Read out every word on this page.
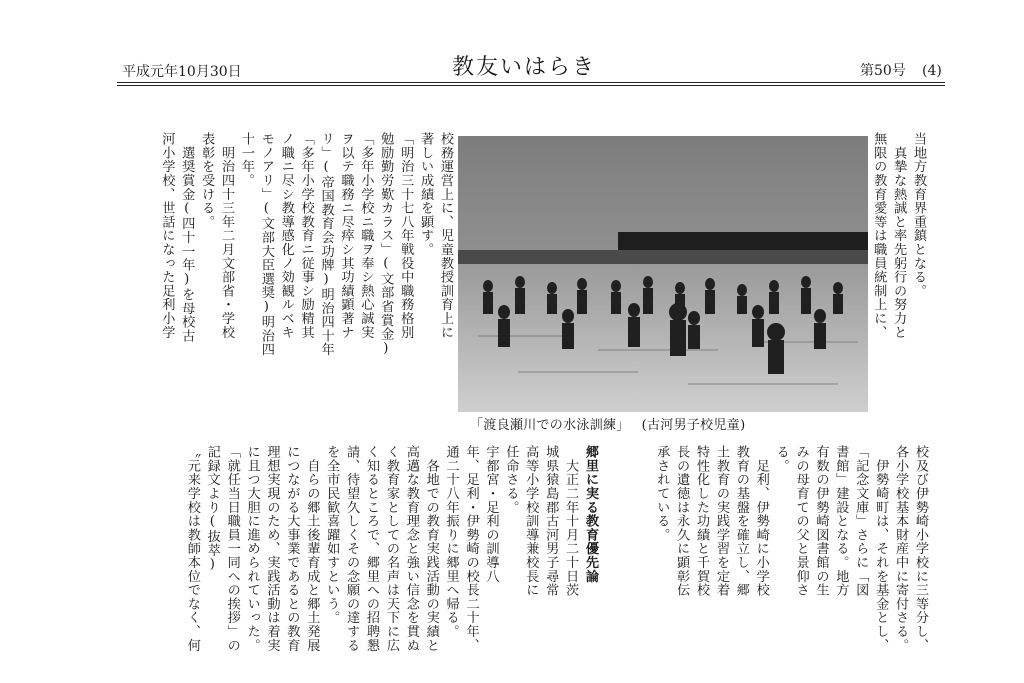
平成元年10月30日	教友いはらき	第50号 (4)
当地方教育界重鎮となる。
　真摯な熱誠と率先躬行の努力と
無限の教育愛等は職員統制上に、
校務運営上に、児童教授訓育上に
著しい成績を顕す。
「明治三十七八年戦役中職務格別
勉励勤労歎カラス」(文部省賞金)
「多年小学校ニ職ヲ奉シ熱心誠実
ヲ以テ職務ニ尽瘁シ其功績顕著ナ
リ」(帝国教育会功牌)明治四十年
「多年小学校教育ニ従事シ励精其
ノ職ニ尽シ教導感化ノ効観ルベキ
モノアリ」(文部大臣選奨)明治四
十一年。
　明治四十三年二月文部省・学校
表彰を受ける。
　選奨賞金(四十一年)を母校古
河小学校、世話になった足利小学
「渡良瀬川での水泳訓練」 (古河男子校児童)
校及び伊勢崎小学校に三等分し、
各小学校基本財産中に寄付さる。
　伊勢崎町は、それを基金とし、
「記念文庫」さらに「図
書館」建設となる。地方
有数の伊勢崎図書館の生
みの母育ての父と景仰さ
る。
　足利、伊勢崎に小学校
教育の基盤を確立し、郷
土教育の実践学習を定着
特性化した功績と千賀校
長の遺徳は永久に顕彰伝
承されている。
郷里に実る教育優先論
　大正二年十月二十日茨
城県猿島郡古河男子尋常
高等小学校訓導兼校長に
任命さる。
宇都宮・足利の訓導八
年、足利・伊勢崎の校長二十年、
通二十八年振りに郷里へ帰る。
　各地での教育実践活動の実績と
高邁な教育理念と強い信念を貫ぬ
く教育家としての名声は天下に広
く知るところで、郷里への招聘懇
請、待望久しくその念願の達する
を全市民歓喜躍如すという。
　自らの郷土後輩育成と郷土発展
につながる大事業であるとの教育
理想実現のため、実践活動は着実
に且つ大胆に進められていった。
「就任当日職員一同への挨拶」の
記録文より(抜萃)
〝元来学校は教師本位でなく、何
